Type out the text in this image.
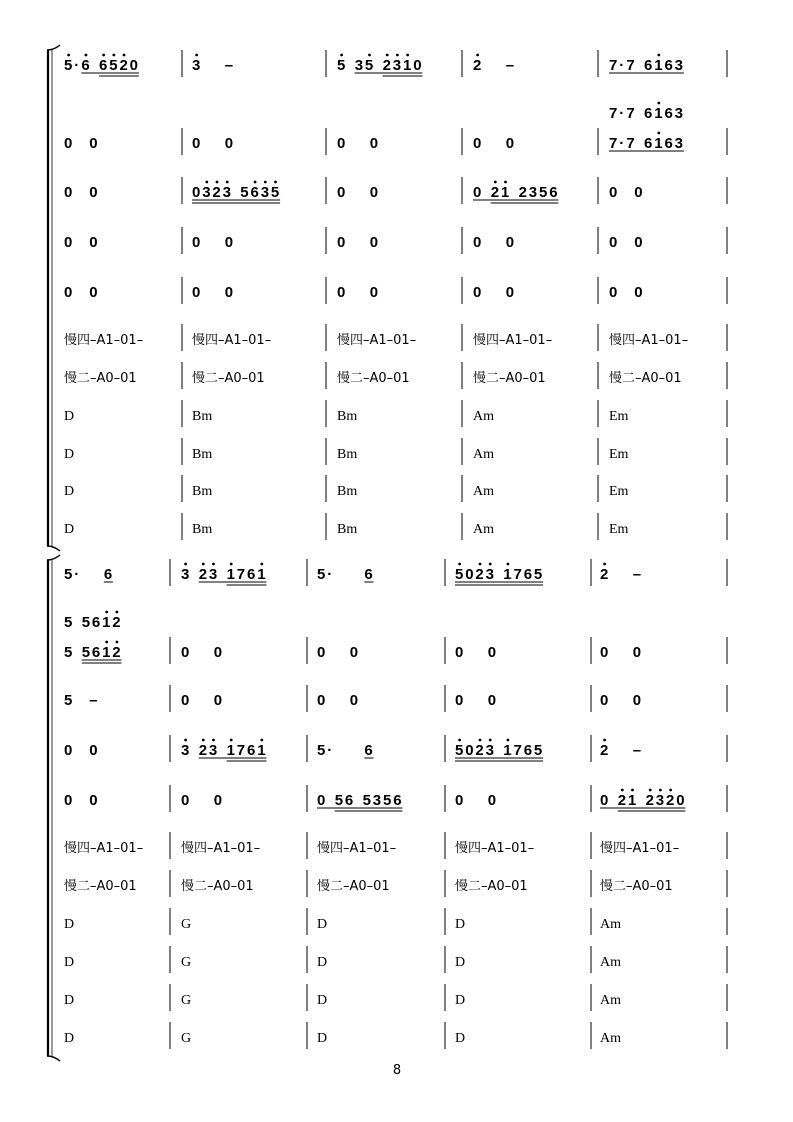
5 · 6 6 5 2 0	3 –	5 3 5 2 3 1 0	2 –	7 · 7 6 1 6 3
0 0	0 0	0 0	0 0	7 · 7 6 1 6 3
7 · 7 6 1 6 3
0 0	0 3 2 3 5 6 3 5	0 0	0 2 1 2 3 5 6	0 0
0 0	0 0	0 0	0 0	0 0
0 0	0 0	0 0	0 0	0 0
慢四–A1–01–	慢四–A1–01–	慢四–A1–01–	慢四–A1–01–	慢四–A1–01–
慢二–A0–01	慢二–A0–01	慢二–A0–01	慢二–A0–01	慢二–A0–01
D	Bm	Bm	Am	Em
D	Bm	Bm	Am	Em
D	Bm	Bm	Am	Em
D	Bm	Bm	Am	Em
5 · 6	3 2 3 1 7 6 1	5 · 6	5 0 2 3 1 7 6 5	2 –
5 5 6 1 2	0 0	0 0	0 0	0 0
5 5 6 1 2
5 –	0 0	0 0	0 0	0 0
0 0	3 2 3 1 7 6 1	5 · 6	5 0 2 3 1 7 6 5	2 –
0 0	0 0	0 5 6 5 3 5 6	0 0	0 2 1 2 3 2 0
慢四–A1–01–	慢四–A1–01–	慢四–A1–01–	慢四–A1–01–	慢四–A1–01–
慢二–A0–01	慢二–A0–01	慢二–A0–01	慢二–A0–01	慢二–A0–01
D	G	D	D	Am
D	G	D	D	Am
D	G	D	D	Am
D	G	D	D	Am
8
